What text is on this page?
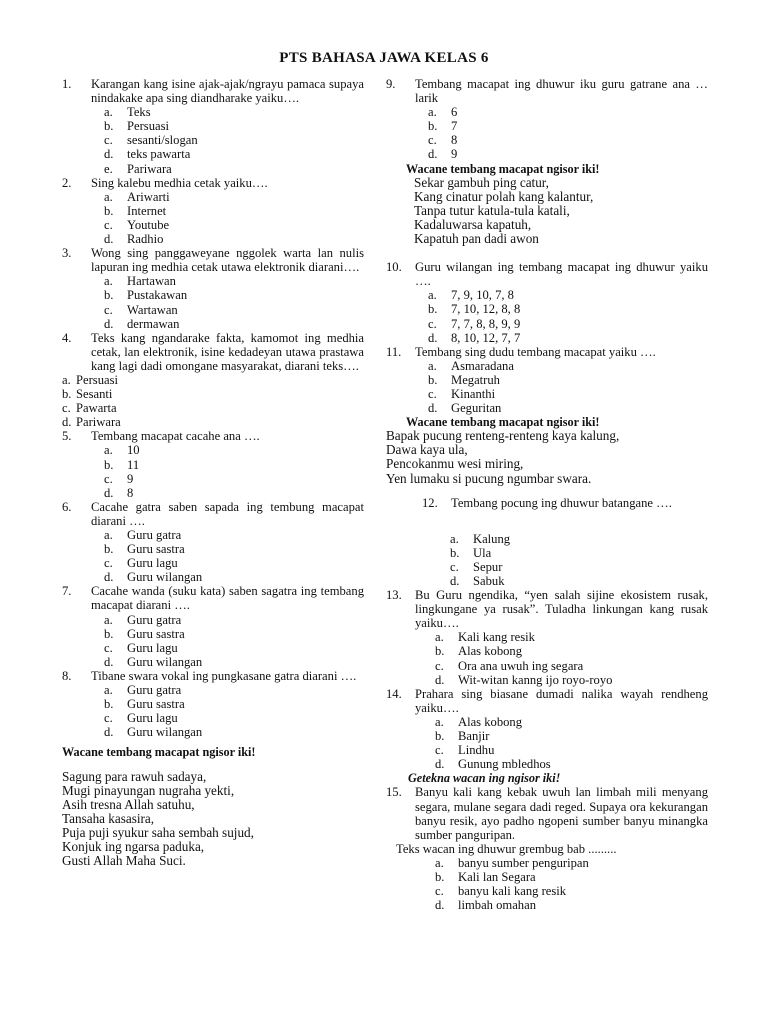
PTS BAHASA JAWA KELAS 6
1.	Karangan kang isine ajak-ajak/ngrayu pamaca supaya nindakake apa sing diandharake yaiku….
a.	Teks
b.	Persuasi
c.	sesanti/slogan
d.	teks pawarta
e.	Pariwara
2.	Sing kalebu medhia cetak yaiku….
a.	Ariwarti
b.	Internet
c.	Youtube
d.	Radhio
3.	Wong sing panggaweyane nggolek warta lan nulis lapuran ing medhia cetak utawa elektronik diarani….
a.	Hartawan
b.	Pustakawan
c.	Wartawan
d.	dermawan
4.	Teks kang ngandarake fakta, kamomot ing medhia cetak, lan elektronik, isine kedadeyan utawa prastawa kang lagi dadi omongane masyarakat, diarani teks….
a. Persuasi
b. Sesanti
c. Pawarta
d. Pariwara
5.	Tembang macapat cacahe ana ….
a.	10
b.	11
c.	9
d.	8
6.	Cacahe gatra saben sapada ing tembung macapat diarani ….
a.	Guru gatra
b.	Guru sastra
c.	Guru lagu
d.	Guru wilangan
7.	Cacahe wanda (suku kata) saben sagatra ing tembang macapat diarani ….
a.	Guru gatra
b.	Guru sastra
c.	Guru lagu
d.	Guru wilangan
8.	Tibane swara vokal ing pungkasane gatra diarani ….
a.	Guru gatra
b.	Guru sastra
c.	Guru lagu
d.	Guru wilangan
Wacane tembang macapat ngisor iki!
Sagung para rawuh sadaya,
Mugi pinayungan nugraha yekti,
Asih tresna Allah satuhu,
Tansaha kasasira,
Puja puji syukur saha sembah sujud,
Konjuk ing ngarsa paduka,
Gusti Allah Maha Suci.
9.	Tembang macapat ing dhuwur iku guru gatrane ana … larik
a.	6
b.	7
c.	8
d.	9
Wacane tembang macapat ngisor iki!
Sekar gambuh ping catur,
Kang cinatur polah kang kalantur,
Tanpa tutur katula-tula katali,
Kadaluwarsa kapatuh,
Kapatuh pan dadi awon
10.	Guru wilangan ing tembang macapat ing dhuwur yaiku ….
a.	7, 9, 10, 7, 8
b.	7, 10, 12, 8, 8
c.	7, 7, 8, 8, 9, 9
d.	8, 10, 12, 7, 7
11.	Tembang sing dudu tembang macapat yaiku ….
a.	Asmaradana
b.	Megatruh
c.	Kinanthi
d.	Geguritan
Wacane tembang macapat ngisor iki!
Bapak pucung renteng-renteng kaya kalung,
Dawa kaya ula,
Pencokanmu wesi miring,
Yen lumaku si pucung ngumbar swara.
12.	Tembang pocung ing dhuwur batangane ….
a.	Kalung
b.	Ula
c.	Sepur
d.	Sabuk
13.	Bu Guru ngendika, “yen salah sijine ekosistem rusak, lingkungane ya rusak”. Tuladha linkungan kang rusak yaiku….
a.	Kali kang resik
b.	Alas kobong
c.	Ora ana uwuh ing segara
d.	Wit-witan kanng ijo royo-royo
14.	Prahara sing biasane dumadi nalika wayah rendheng yaiku….
a.	Alas kobong
b.	Banjir
c.	Lindhu
d.	Gunung mbledhos
Getekna wacan ing ngisor iki!
15.	Banyu kali kang kebak uwuh lan limbah mili menyang segara, mulane segara dadi reged. Supaya ora kekurangan banyu resik, ayo padho ngopeni sumber banyu minangka sumber panguripan.
Teks wacan ing dhuwur grembug bab .........
a.	banyu sumber penguripan
b.	Kali lan Segara
c.	banyu kali kang resik
d.	limbah omahan
